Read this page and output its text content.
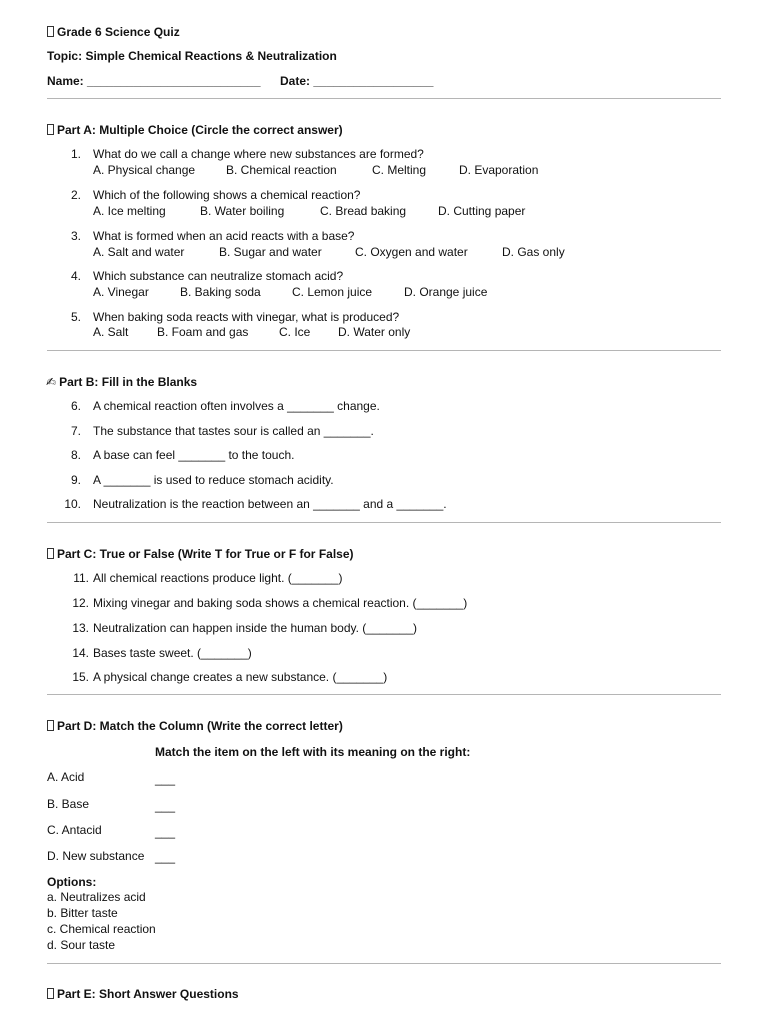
Grade 6 Science Quiz
Topic: Simple Chemical Reactions & Neutralization
Name: __________________________ Date: __________________
Part A: Multiple Choice (Circle the correct answer)
1. What do we call a change where new substances are formed?
A. Physical change	B. Chemical reaction	C. Melting	D. Evaporation
2. Which of the following shows a chemical reaction?
A. Ice melting	B. Water boiling	C. Bread baking	D. Cutting paper
3. What is formed when an acid reacts with a base?
A. Salt and water	B. Sugar and water	C. Oxygen and water	D. Gas only
4. Which substance can neutralize stomach acid?
A. Vinegar	B. Baking soda	C. Lemon juice	D. Orange juice
5. When baking soda reacts with vinegar, what is produced?
A. Salt B. Foam and gas	C. Ice D. Water only
✍ Part B: Fill in the Blanks
6. A chemical reaction often involves a _______ change.
7. The substance that tastes sour is called an _______.
8. A base can feel _______ to the touch.
9. A _______ is used to reduce stomach acidity.
10. Neutralization is the reaction between an _______ and a _______.
Part C: True or False (Write T for True or F for False)
11. All chemical reactions produce light. (_______)
12. Mixing vinegar and baking soda shows a chemical reaction. (_______)
13. Neutralization can happen inside the human body. (_______)
14. Bases taste sweet. (_______)
15. A physical change creates a new substance. (_______)
Part D: Match the Column (Write the correct letter)
Match the item on the left with its meaning on the right:
A. Acid	___
B. Base	___
C. Antacid	___
D. New substance ___
Options:
a. Neutralizes acid
b. Bitter taste
c. Chemical reaction
d. Sour taste
Part E: Short Answer Questions
